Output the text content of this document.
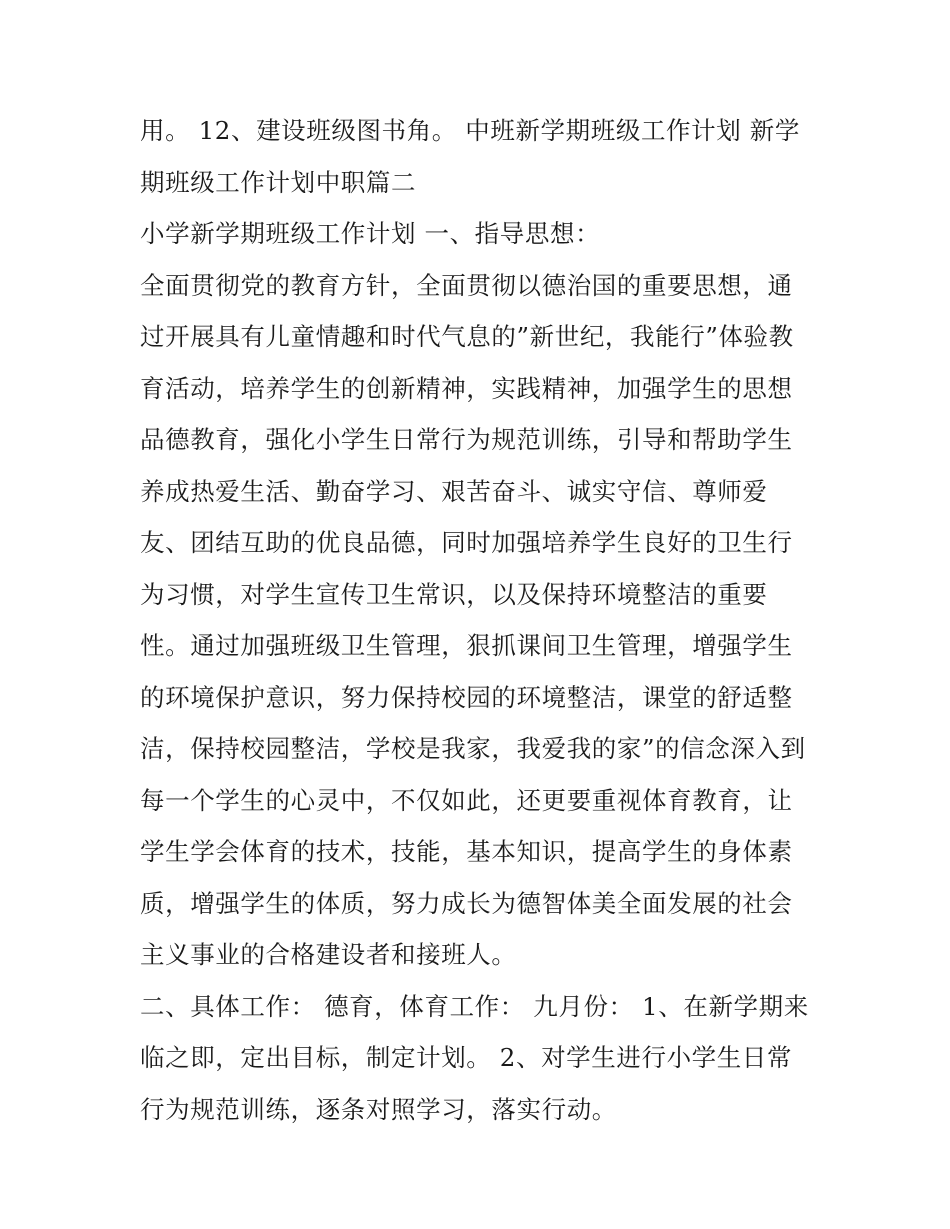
用。 12、建设班级图书角。 中班新学期班级工作计划 新学期班级工作计划中职篇二

小学新学期班级工作计划 一、指导思想：

全面贯彻党的教育方针，全面贯彻以德治国的重要思想，通过开展具有儿童情趣和时代气息的”新世纪，我能行”体验教育活动，培养学生的创新精神，实践精神，加强学生的思想品德教育，强化小学生日常行为规范训练，引导和帮助学生养成热爱生活、勤奋学习、艰苦奋斗、诚实守信、尊师爱友、团结互助的优良品德，同时加强培养学生良好的卫生行为习惯，对学生宣传卫生常识，以及保持环境整洁的重要性。通过加强班级卫生管理，狠抓课间卫生管理，增强学生的环境保护意识，努力保持校园的环境整洁，课堂的舒适整洁，保持校园整洁，学校是我家，我爱我的家”的信念深入到每一个学生的心灵中，不仅如此，还更要重视体育教育，让学生学会体育的技术，技能，基本知识，提高学生的身体素质，增强学生的体质，努力成长为德智体美全面发展的社会主义事业的合格建设者和接班人。

二、具体工作： 德育，体育工作： 九月份： 1、在新学期来临之即，定出目标，制定计划。 2、对学生进行小学生日常行为规范训练，逐条对照学习，落实行动。
